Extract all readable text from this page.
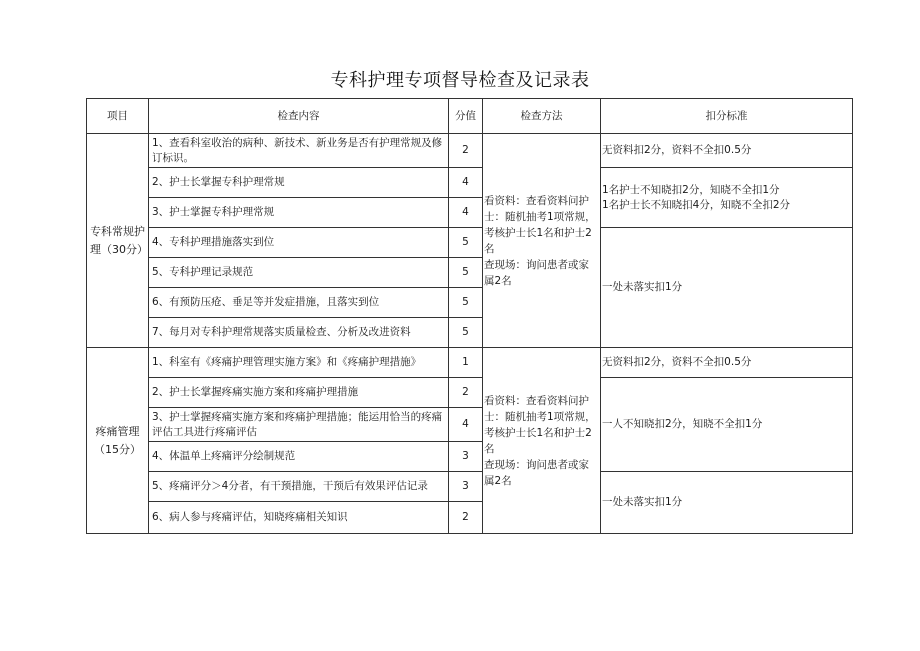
专科护理专项督导检查及记录表
项目	检查内容	分值	检查方法	扣分标准
专科常规护理（30分）	1、查看科室收治的病种、新技术、新业务是否有护理常规及修订标识。	2	看资料：查看资料问护士：随机抽考1项常规，考核护士长1名和护士2名
查现场：询问患者或家属2名	无资料扣2分，资料不全扣0.5分
	2、护士长掌握专科护理常规	4		1名护士不知晓扣2分，知晓不全扣1分
1名护士长不知晓扣4分，知晓不全扣2分
	3、护士掌握专科护理常规	4		
	4、专科护理措施落实到位	5		一处未落实扣1分
	5、专科护理记录规范	5		
	6、有预防压疮、垂足等并发症措施，且落实到位	5		
	7、每月对专科护理常规落实质量检查、分析及改进资料	5		
疼痛管理（15分）	1、科室有《疼痛护理管理实施方案》和《疼痛护理措施》	1	看资料：查看资料问护士：随机抽考1项常规，考核护士长1名和护士2名
查现场：询问患者或家属2名	无资料扣2分，资料不全扣0.5分
	2、护士长掌握疼痛实施方案和疼痛护理措施	2		一人不知晓扣2分，知晓不全扣1分
	3、护士掌握疼痛实施方案和疼痛护理措施；能运用恰当的疼痛评估工具进行疼痛评估	4		
	4、体温单上疼痛评分绘制规范	3		
	5、疼痛评分＞4分者，有干预措施，干预后有效果评估记录	3		一处未落实扣1分
	6、病人参与疼痛评估，知晓疼痛相关知识	2		
